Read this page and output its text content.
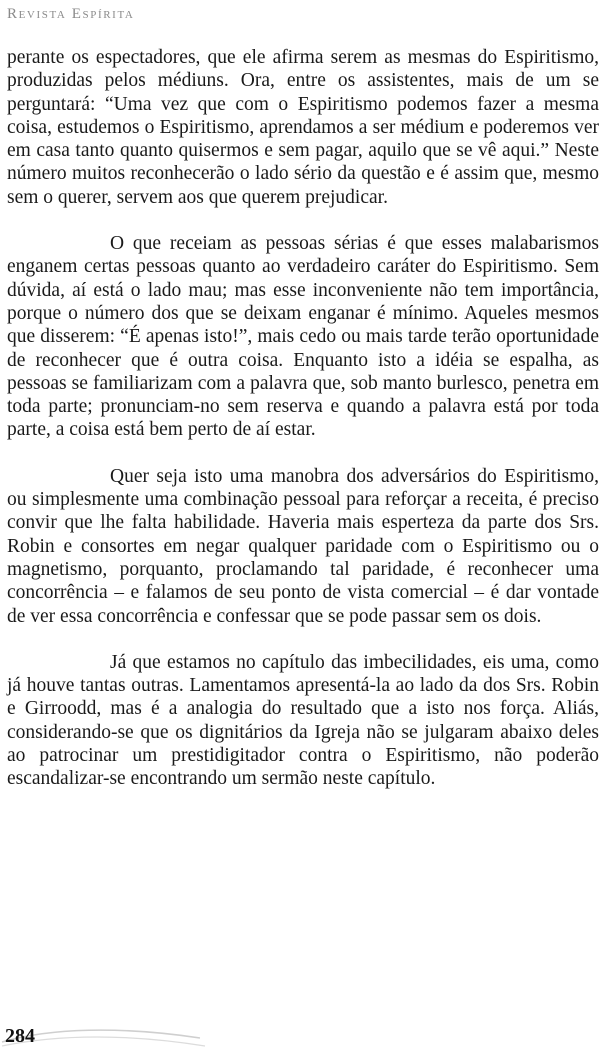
Revista Espírita

perante os espectadores, que ele afirma serem as mesmas do Espiritismo, produzidas pelos médiuns. Ora, entre os assistentes, mais de um se perguntará: “Uma vez que com o Espiritismo podemos fazer a mesma coisa, estudemos o Espiritismo, aprendamos a ser médium e poderemos ver em casa tanto quanto quisermos e sem pagar, aquilo que se vê aqui.” Neste número muitos reconhecerão o lado sério da questão e é assim que, mesmo sem o querer, servem aos que querem prejudicar.

O que receiam as pessoas sérias é que esses malabarismos enganem certas pessoas quanto ao verdadeiro caráter do Espiritismo. Sem dúvida, aí está o lado mau; mas esse inconveniente não tem importância, porque o número dos que se deixam enganar é mínimo. Aqueles mesmos que disserem: “É apenas isto!”, mais cedo ou mais tarde terão oportunidade de reconhecer que é outra coisa. Enquanto isto a idéia se espalha, as pessoas se familiarizam com a palavra que, sob manto burlesco, penetra em toda parte; pronunciam-no sem reserva e quando a palavra está por toda parte, a coisa está bem perto de aí estar.

Quer seja isto uma manobra dos adversários do Espiritismo, ou simplesmente uma combinação pessoal para reforçar a receita, é preciso convir que lhe falta habilidade. Haveria mais esperteza da parte dos Srs. Robin e consortes em negar qualquer paridade com o Espiritismo ou o magnetismo, porquanto, proclamando tal paridade, é reconhecer uma concorrência – e falamos de seu ponto de vista comercial – é dar vontade de ver essa concorrência e confessar que se pode passar sem os dois.

Já que estamos no capítulo das imbecilidades, eis uma, como já houve tantas outras. Lamentamos apresentá-la ao lado da dos Srs. Robin e Girroodd, mas é a analogia do resultado que a isto nos força. Aliás, considerando-se que os dignitários da Igreja não se julgaram abaixo deles ao patrocinar um prestidigitador contra o Espiritismo, não poderão escandalizar-se encontrando um sermão neste capítulo.

284
